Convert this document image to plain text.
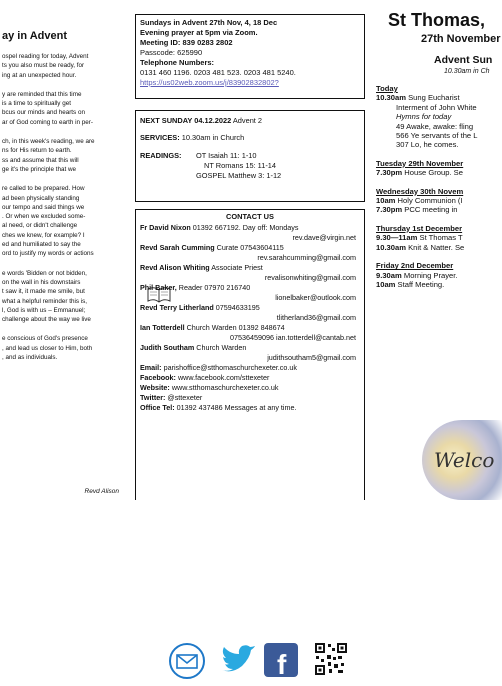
ay in Advent
ospel reading for today, Advent
ts you also must be ready, for
ing at an unexpected hour.
y are reminded that this time
is a time to spiritually get
bcus our minds and hearts on
ar of God coming to earth in per-
ch, in this week's reading, we are
ns for His return to earth.
ss and assume that this will
ge it's the principle that we
re called to be prepared. How
ad been physically standing
our tempo and said things we
. Or when we excluded some-
al need, or didn't challenge
ches we knew, for example? I
ed and humiliated to say the
ord to justify my words or actions
e words 'Bidden or not bidden,
on the wall in his downstairs
t saw it, it made me smile, but
what a helpful reminder this is,
l, God is with us – Emmanuel;
challenge about the way we live
e conscious of God's presence
, and lead us closer to Him, both
, and as individuals.
Revd Alison
Sundays in Advent 27th Nov, 4, 18 Dec
Evening prayer at 5pm via Zoom.
Meeting ID: 839 0283 2802
Passcode: 625990
Telephone Numbers:
0131 460 1196. 0203 481 523. 0203 481 5240.
https://us02web.zoom.us/j/83902832802?
NEXT SUNDAY 04.12.2022 Advent 2
SERVICES: 10.30am in Church
READINGS:	OT Isaiah 11: 1-10
NT Romans 15: 11-14
GOSPEL Matthew 3: 1-12
CONTACT US
Fr David Nixon 01392 667192. Day off: Mondays
rev.dave@virgin.net
Revd Sarah Cumming Curate 07543604115
rev.sarahcumming@gmail.com
Revd Alison Whiting Associate Priest
revalisonwhiting@gmail.com
Phil Baker, Reader 07970 216740
lionelbaker@outlook.com
Revd Terry Litherland 07594633195
tlitherland36@gmail.com
Ian Totterdell Church Warden 01392 848674
07536459096 ian.totterdell@cantab.net
Judith Southam Church Warden
judithsoutham5@gmail.com
Email: parishoffice@stthomaschurchexeter.co.uk
Facebook: www.facebook.com/sttexeter
Website: www.stthomaschurchexeter.co.uk
Twitter: @sttexeter
Office Tel: 01392 437486 Messages at any time.
f
St Thomas,
27th November
Advent Sun
10.30am in Ch
Today
10.30am Sung Eucharist
Interment of John White
Hymns for today
49 Awake, awake: fling
566 Ye servants of the L
307 Lo, he comes.
Tuesday 29th November
7.30pm House Group. Se
Wednesday 30th Novem
10am Holy Communion (I
7.30pm PCC meeting in
Thursday 1st December
9.30—11am St Thomas T
10.30am Knit & Natter. Se
Friday 2nd December
9.30am Morning Prayer.
10am Staff Meeting.
Welco
